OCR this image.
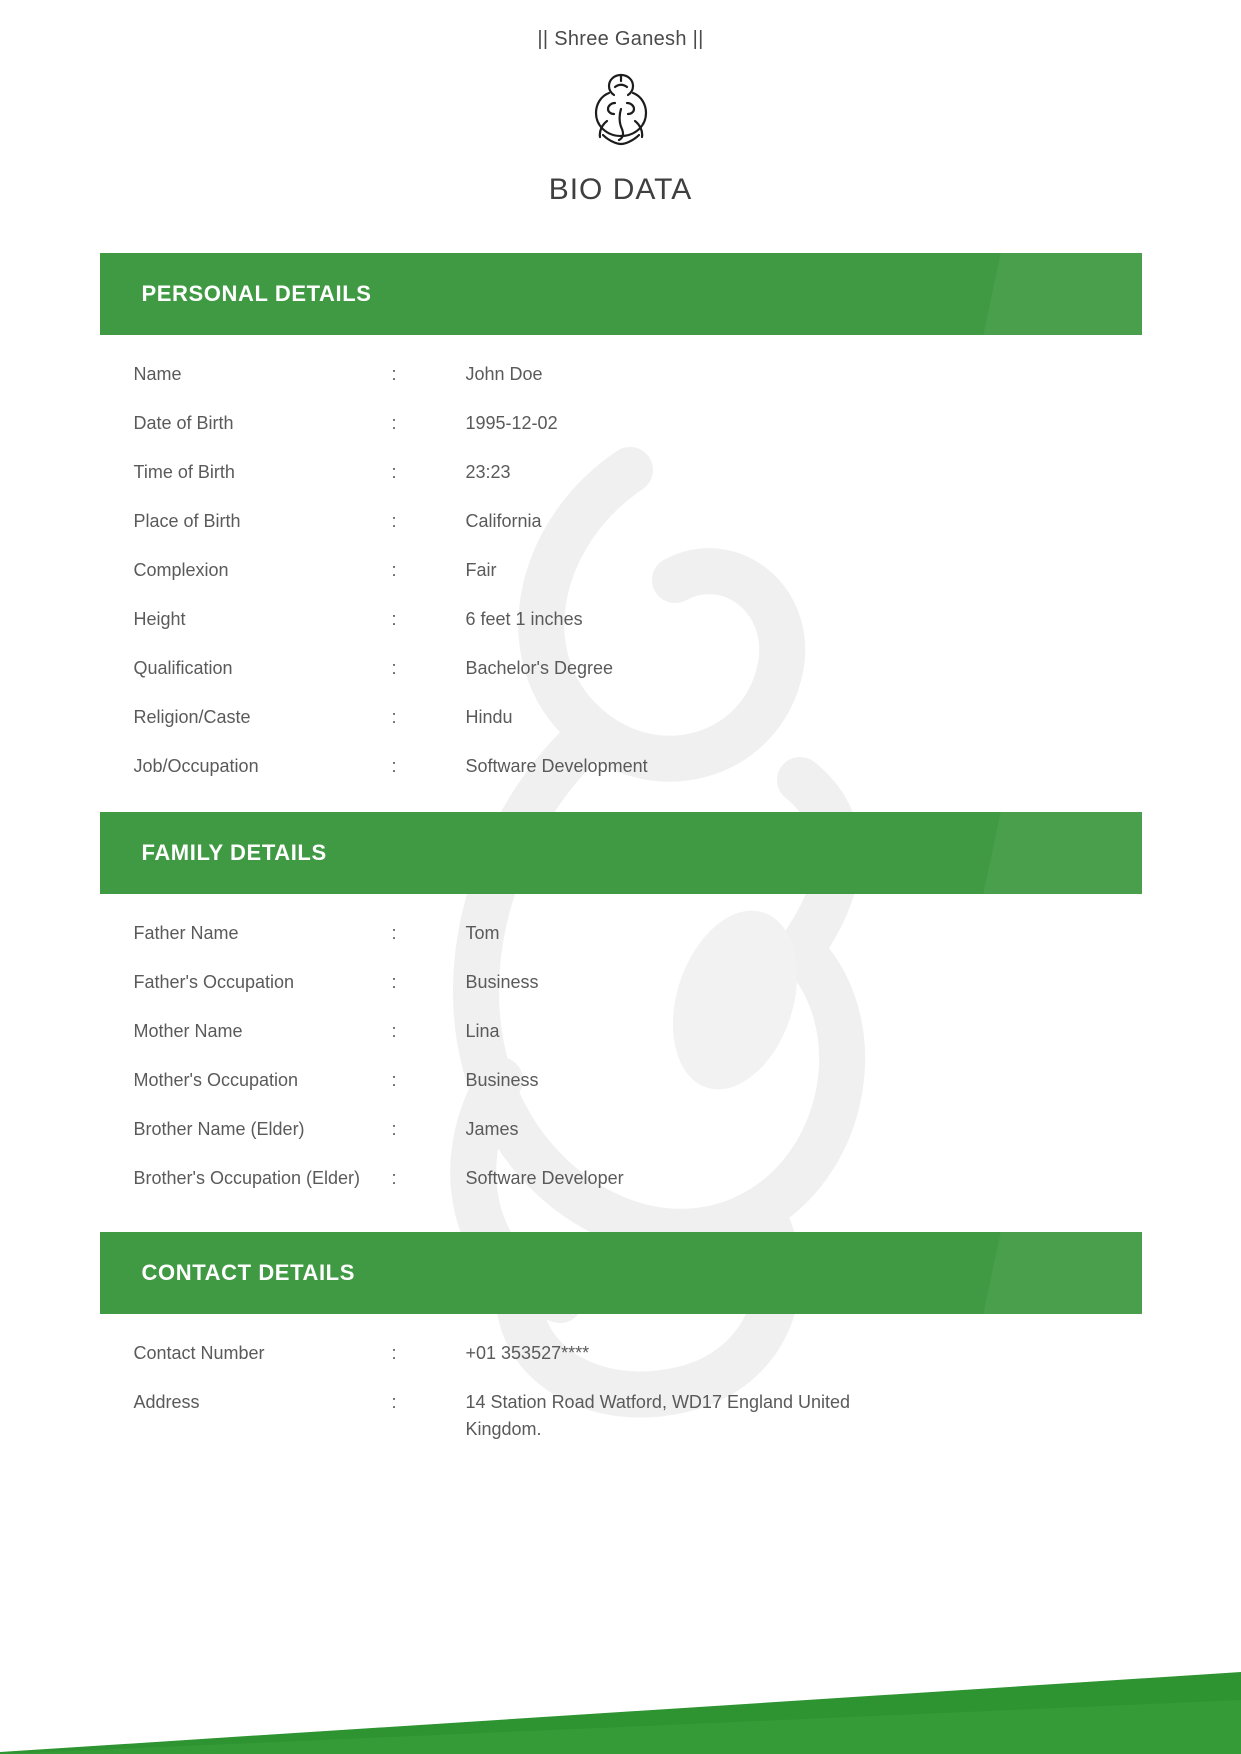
|| Shree Ganesh ||
BIO DATA
PERSONAL DETAILS
Name	:	John Doe
Date of Birth	:	1995-12-02
Time of Birth	:	23:23
Place of Birth	:	California
Complexion	:	Fair
Height	:	6 feet 1 inches
Qualification	:	Bachelor's Degree
Religion/Caste	:	Hindu
Job/Occupation	:	Software Development
FAMILY DETAILS
Father Name	:	Tom
Father's Occupation	:	Business
Mother Name	:	Lina
Mother's Occupation	:	Business
Brother Name (Elder)	:	James
Brother's Occupation (Elder)	:	Software Developer
CONTACT DETAILS
Contact Number	:	+01 353527****
Address	:	14 Station Road Watford, WD17 England United Kingdom.
